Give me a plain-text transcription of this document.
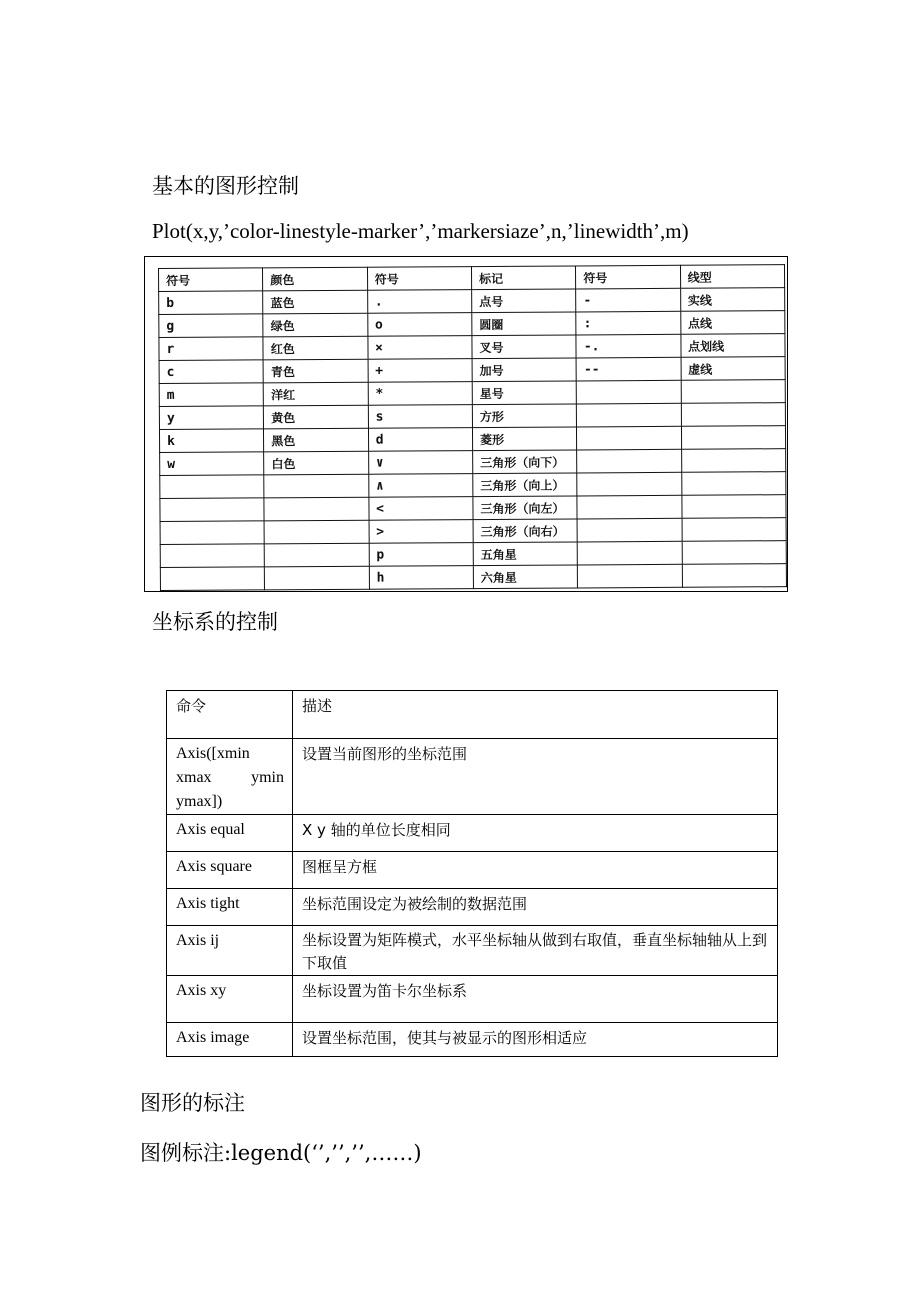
基本的图形控制
Plot(x,y,’color-linestyle-marker’,’markersiaze’,n,’linewidth’,m)
符号	颜色	符号	标记	符号	线型
b	蓝色	.	点号	-	实线
g	绿色	o	圆圈	:	点线
r	红色	×	叉号	-.	点划线
c	青色	+	加号	--	虚线
m	洋红	*	星号		
y	黄色	s	方形		
k	黑色	d	菱形		
w	白色	∨	三角形（向下）		
		∧	三角形（向上）		
		<	三角形（向左）		
		>	三角形（向右）		
		p	五角星		
		h	六角星		
坐标系的控制
命令	描述

Axis([xmin
xmax ymin
ymax])	设置当前图形的坐标范围
Axis equal	X y 轴的单位长度相同
Axis square	图框呈方框
Axis tight	坐标范围设定为被绘制的数据范围
Axis ij	坐标设置为矩阵模式，水平坐标轴从做到右取值，垂直坐标轴轴从上到下取值
Axis xy	坐标设置为笛卡尔坐标系
Axis image	设置坐标范围，使其与被显示的图形相适应
图形的标注
图例标注:legend(‘’,’’,’’,……)
